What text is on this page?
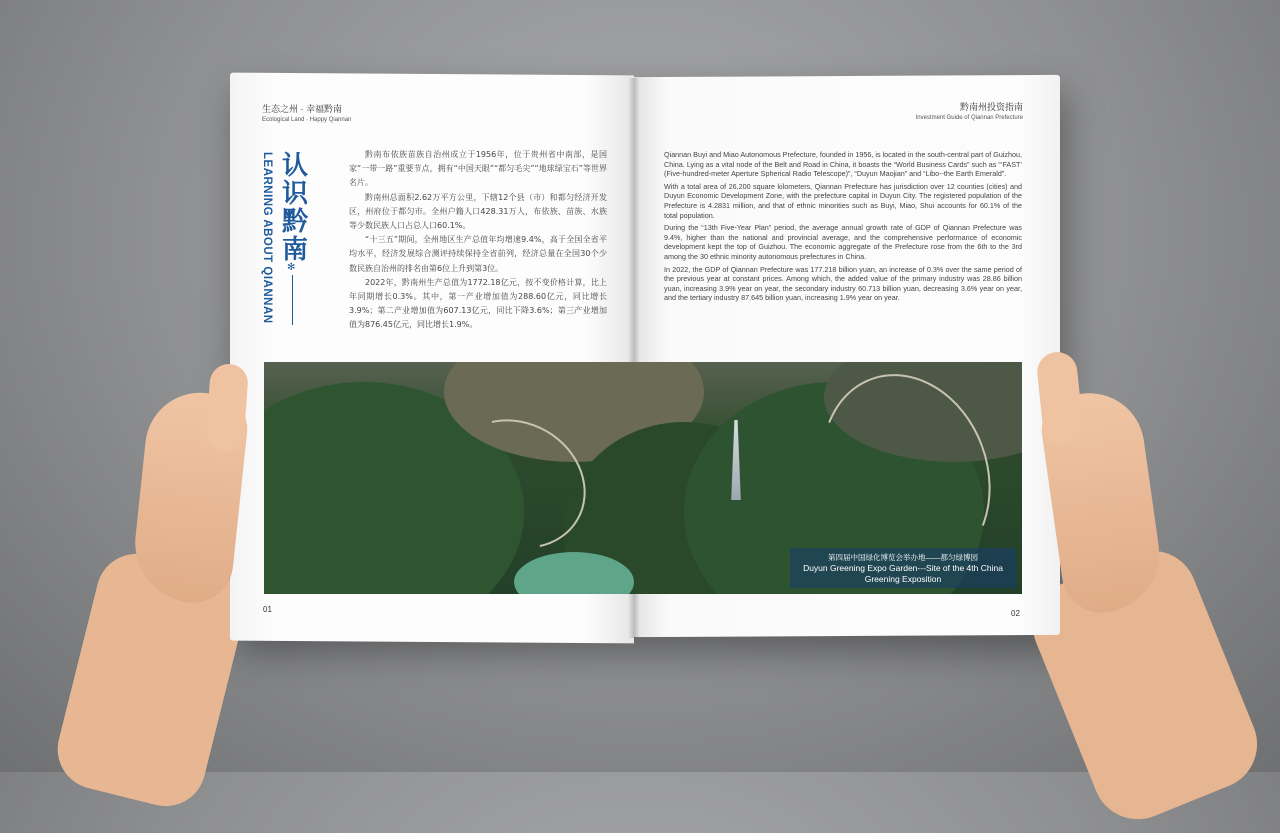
生态之州 · 幸福黔南
Ecological Land · Happy Qiannan
黔南州投资指南
Investment Guide of Qiannan Prefecture
LEARNING ABOUT QIANNAN 认识黔南
✻

黔南布依族苗族自治州成立于1956年，位于贵州省中南部，是国家“一带一路”重要节点，拥有“中国天眼”“都匀毛尖”“地球绿宝石”等世界名片。

黔南州总面积2.62万平方公里，下辖12个县（市）和都匀经济开发区，州府位于都匀市。全州户籍人口428.31万人，布依族、苗族、水族等少数民族人口占总人口60.1%。

“十三五”期间，全州地区生产总值年均增速9.4%，高于全国全省平均水平，经济发展综合测评持续保持全省前列，经济总量在全国30个少数民族自治州的排名由第6位上升到第3位。

2022年，黔南州生产总值为1772.18亿元，按不变价格计算，比上年同期增长0.3%。其中，第一产业增加值为288.60亿元，同比增长3.9%；第二产业增加值为607.13亿元，同比下降3.6%；第三产业增加值为876.45亿元，同比增长1.9%。

Qiannan Buyi and Miao Autonomous Prefecture, founded in 1956, is located in the south-central part of Guizhou, China. Lying as a vital node of the Belt and Road in China, it boasts the “World Business Cards” such as “‘FAST’ (Five-hundred-meter Aperture Spherical Radio Telescope)”, “Duyun Maojian” and “Libo--the Earth Emerald”.

With a total area of 26,200 square kilometers, Qiannan Prefecture has jurisdiction over 12 counties (cities) and Duyun Economic Development Zone, with the prefecture capital in Duyun City. The registered population of the Prefecture is 4.2831 million, and that of ethnic minorities such as Buyi, Miao, Shui accounts for 60.1% of the total population.

During the “13th Five-Year Plan” period, the average annual growth rate of GDP of Qiannan Prefecture was 9.4%, higher than the national and provincial average, and the comprehensive performance of economic development kept the top of Guizhou. The economic aggregate of the Prefecture rose from the 6th to the 3rd among the 30 ethnic minority autonomous prefectures in China.

In 2022, the GDP of Qiannan Prefecture was 177.218 billion yuan, an increase of 0.3% over the same period of the previous year at constant prices. Among which, the added value of the primary industry was 28.86 billion yuan, increasing 3.9% year on year, the secondary industry 60.713 billion yuan, decreasing 3.6% year on year, and the tertiary industry 87.645 billion yuan, increasing 1.9% year on year.

第四届中国绿化博览会举办地——都匀绿博园
Duyun Greening Expo Garden---Site of the 4th China
Greening Exposition
01	02
